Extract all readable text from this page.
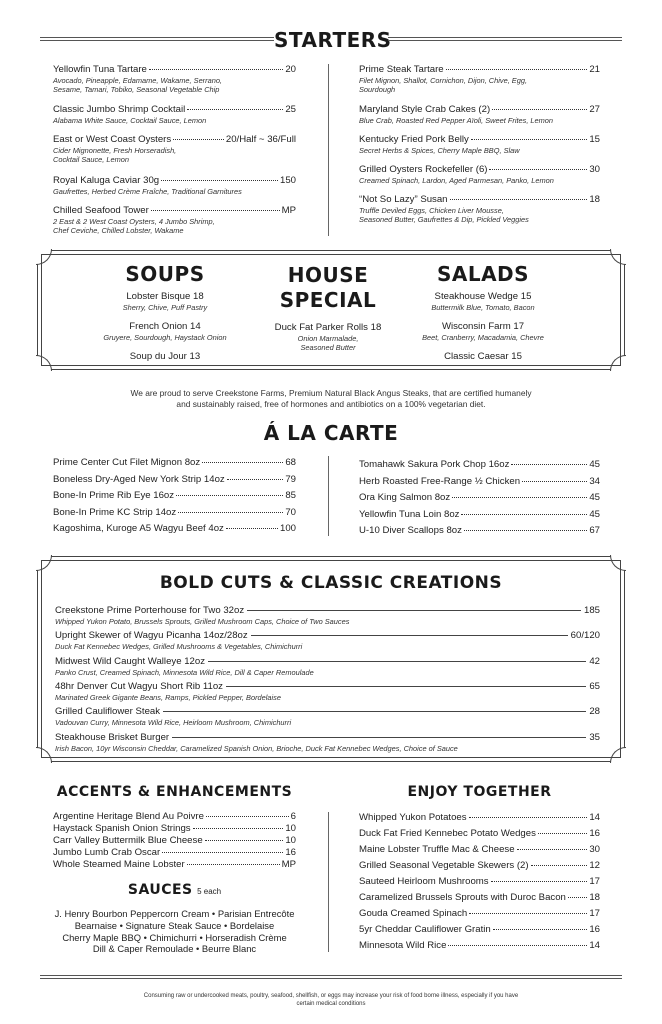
STARTERS
Yellowfin Tuna Tartare	20
Avocado, Pineapple, Edamame, Wakame, Serrano,
Sesame, Tamari, Tobiko, Seasonal Vegetable Chip
Classic Jumbo Shrimp Cocktail	25
Alabama White Sauce, Cocktail Sauce, Lemon
East or West Coast Oysters	20/Half ~ 36/Full
Cider Mignonette, Fresh Horseradish,
Cocktail Sauce, Lemon
Royal Kaluga Caviar 30g	150
Gaufrettes, Herbed Crème Fraîche, Traditional Garnitures
Chilled Seafood Tower	MP
2 East & 2 West Coast Oysters, 4 Jumbo Shrimp,
Chef Ceviche, Chilled Lobster, Wakame
Prime Steak Tartare	21
Filet Mignon, Shallot, Cornichon, Dijon, Chive, Egg,
Sourdough
Maryland Style Crab Cakes (2)	27
Blue Crab, Roasted Red Pepper Aïoli, Sweet Frites, Lemon
Kentucky Fried Pork Belly	15
Secret Herbs & Spices, Cherry Maple BBQ, Slaw
Grilled Oysters Rockefeller (6)	30
Creamed Spinach, Lardon, Aged Parmesan, Panko, Lemon
“Not So Lazy” Susan	18
Truffle Deviled Eggs, Chicken Liver Mousse,
Seasoned Butter, Gaufrettes & Dip, Pickled Veggies
SOUPS
Lobster Bisque 18
Sherry, Chive, Puff Pastry
French Onion 14
Gruyere, Sourdough, Haystack Onion
Soup du Jour 13
HOUSE
SPECIAL
Duck Fat Parker Rolls 18
Onion Marmalade,
Seasoned Butter
SALADS
Steakhouse Wedge 15
Buttermilk Blue, Tomato, Bacon
Wisconsin Farm 17
Beet, Cranberry, Macadamia, Chevre
Classic Caesar 15
We are proud to serve Creekstone Farms, Premium Natural Black Angus Steaks, that are certified humanely
and sustainably raised, free of hormones and antibiotics on a 100% vegetarian diet.
Á LA CARTE
Prime Center Cut Filet Mignon 8oz	68
Boneless Dry-Aged New York Strip 14oz	79
Bone-In Prime Rib Eye 16oz	85
Bone-In Prime KC Strip 14oz	70
Kagoshima, Kuroge A5 Wagyu Beef 4oz	100
Tomahawk Sakura Pork Chop 16oz	45
Herb Roasted Free-Range ½ Chicken	34
Ora King Salmon 8oz	45
Yellowfin Tuna Loin 8oz	45
U-10 Diver Scallops 8oz	67
BOLD CUTS & CLASSIC CREATIONS
Creekstone Prime Porterhouse for Two 32oz	185
Whipped Yukon Potato, Brussels Sprouts, Grilled Mushroom Caps, Choice of Two Sauces
Upright Skewer of Wagyu Picanha 14oz/28oz	60/120
Duck Fat Kennebec Wedges, Grilled Mushrooms & Vegetables, Chimichurri
Midwest Wild Caught Walleye 12oz	42
Panko Crust, Creamed Spinach, Minnesota Wild Rice, Dill & Caper Remoulade
48hr Denver Cut Wagyu Short Rib 11oz	65
Marinated Greek Gigante Beans, Ramps, Pickled Pepper, Bordelaise
Grilled Cauliflower Steak	28
Vadouvan Curry, Minnesota Wild Rice, Heirloom Mushroom, Chimichurri
Steakhouse Brisket Burger	35
Irish Bacon, 10yr Wisconsin Cheddar, Caramelized Spanish Onion, Brioche, Duck Fat Kennebec Wedges, Choice of Sauce
ACCENTS & ENHANCEMENTS
Argentine Heritage Blend Au Poivre	6
Haystack Spanish Onion Strings	10
Carr Valley Buttermilk Blue Cheese	10
Jumbo Lumb Crab Oscar	16
Whole Steamed Maine Lobster	MP
SAUCES 5 each
J. Henry Bourbon Peppercorn Cream • Parisian Entrecôte
Bearnaise • Signature Steak Sauce • Bordelaise
Cherry Maple BBQ • Chimichurri • Horseradish Crème
Dill & Caper Remoulade • Beurre Blanc
ENJOY TOGETHER
Whipped Yukon Potatoes	14
Duck Fat Fried Kennebec Potato Wedges	16
Maine Lobster Truffle Mac & Cheese	30
Grilled Seasonal Vegetable Skewers (2)	12
Sauteed Heirloom Mushrooms	17
Caramelized Brussels Sprouts with Duroc Bacon 18
Gouda Creamed Spinach	17
5yr Cheddar Cauliflower Gratin	16
Minnesota Wild Rice	14
Consuming raw or undercooked meats, poultry, seafood, shellfish, or eggs may increase your risk of food borne illness, especially if you have
certain medical conditions
